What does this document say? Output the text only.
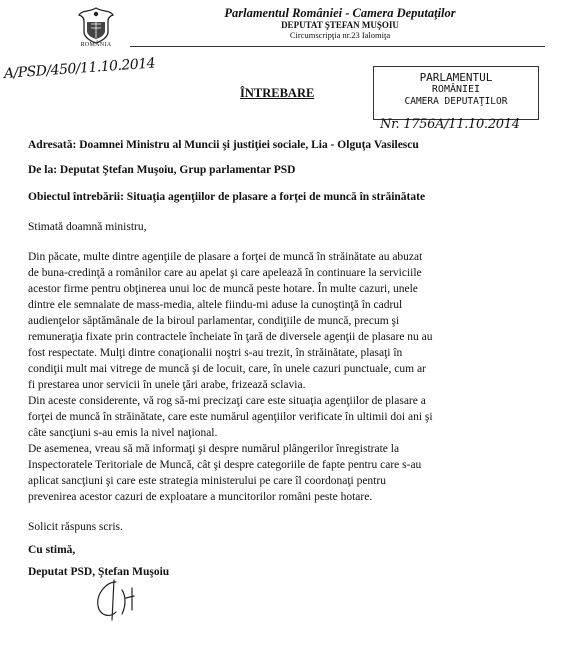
ROMÂNIA
Parlamentul României - Camera Deputaţilor
DEPUTAT ŞTEFAN MUŞOIU
Circumscripţia nr.23 Ialomiţa
A/PSD/450/11.10.2014
ÎNTREBARE
PARLAMENTUL
ROMÂNIEI
CAMERA DEPUTAŢILOR
Nr. 1756A/11.10.2014
Adresată: Doamnei Ministru al Muncii şi justiţiei sociale, Lia - Olguţa Vasilescu
De la: Deputat Ştefan Muşoiu, Grup parlamentar PSD
Obiectul întrebării: Situaţia agenţiilor de plasare a forţei de muncă în străinătate
Stimată doamnă ministru,
Din păcate, multe dintre agenţiile de plasare a forţei de muncă în străinătate au abuzat
de buna-credinţă a românilor care au apelat şi care apelează în continuare la serviciile
acestor firme pentru obţinerea unui loc de muncă peste hotare. În multe cazuri, unele
dintre ele semnalate de mass-media, altele fiindu-mi aduse la cunoştinţă în cadrul
audienţelor săptămânale de la biroul parlamentar, condiţiile de muncă, precum şi
remuneraţia fixate prin contractele încheiate în ţară de diversele agenţii de plasare nu au
fost respectate. Mulţi dintre conaţionalii noştri s-au trezit, în străinătate, plasaţi în
condiţii mult mai vitrege de muncă şi de locuit, care, în unele cazuri punctuale, cum ar
fi prestarea unor servicii în unele ţări arabe, frizează sclavia.
Din aceste considerente, vă rog să-mi precizaţi care este situaţia agenţiilor de plasare a
forţei de muncă în străinătate, care este numărul agenţiilor verificate în ultimii doi ani şi
câte sancţiuni s-au emis la nivel naţional.
De asemenea, vreau să mă informaţi şi despre numărul plângerilor înregistrate la
Inspectoratele Teritoriale de Muncă, cât şi despre categoriile de fapte pentru care s-au
aplicat sancţiuni şi care este strategia ministerului pe care îl coordonaţi pentru
prevenirea acestor cazuri de exploatare a muncitorilor români peste hotare.
Solicit răspuns scris.
Cu stimă,
Deputat PSD, Ştefan Muşoiu
